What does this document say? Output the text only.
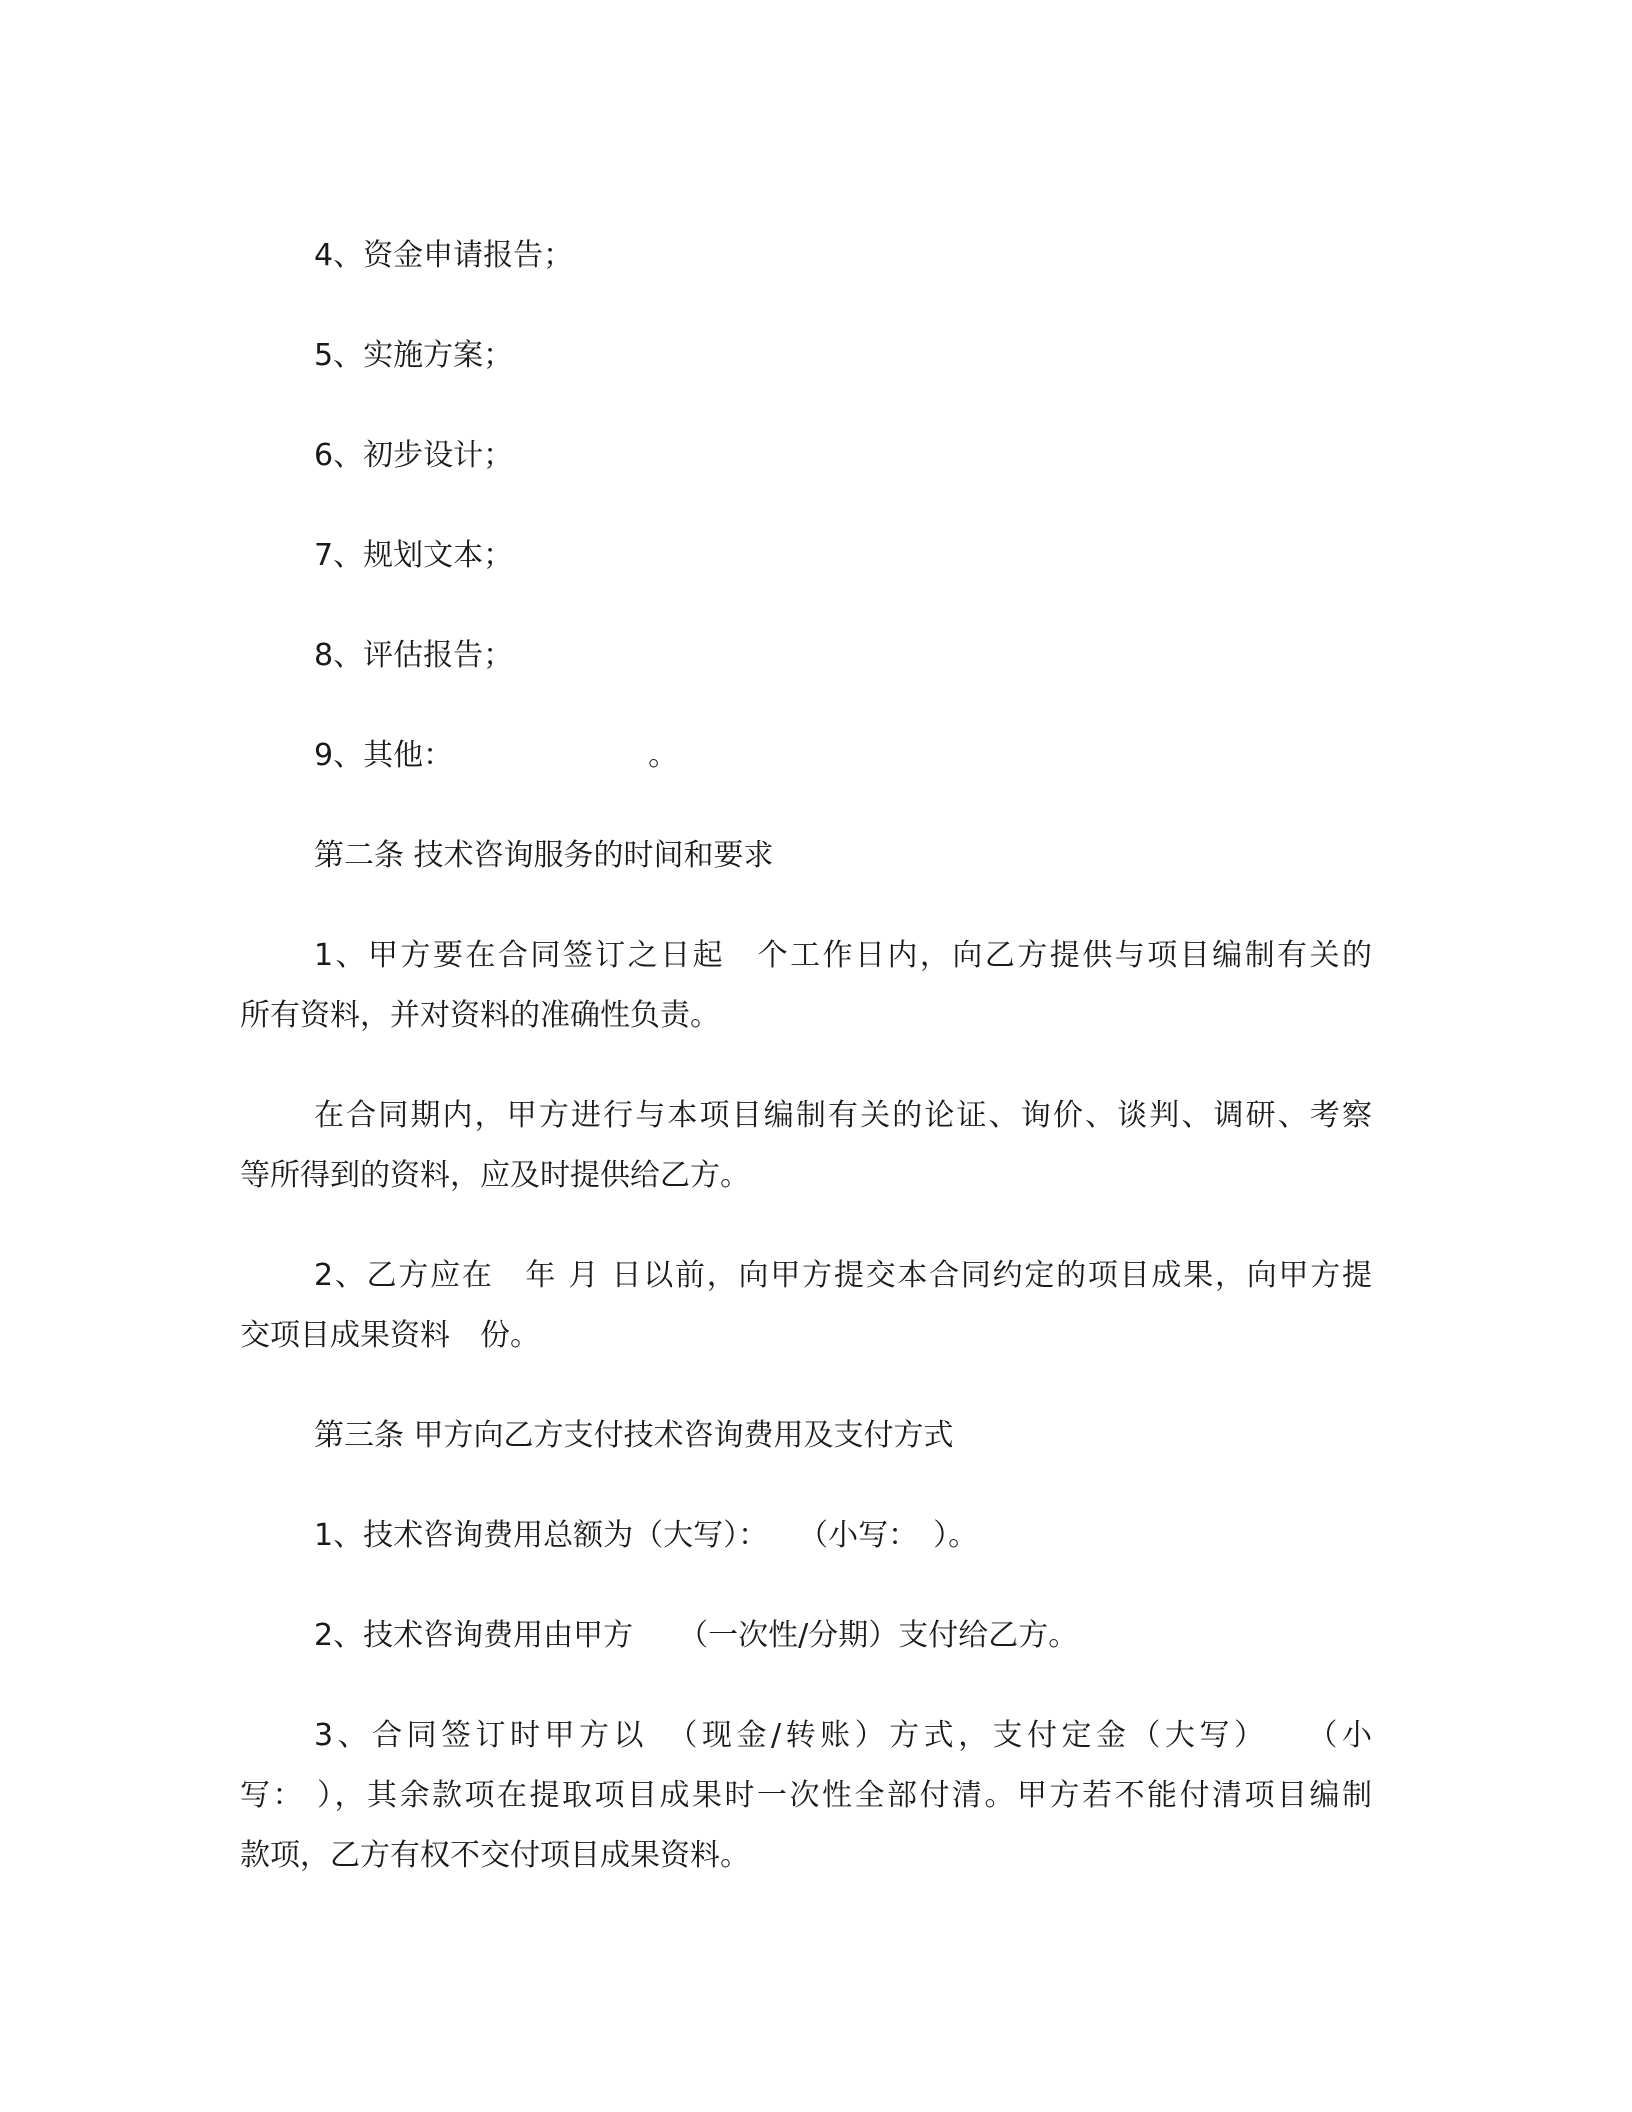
4、资金申请报告；
5、实施方案；
6、初步设计；
7、规划文本；
8、评估报告；
9、其他：　　　　　　　。
第二条 技术咨询服务的时间和要求
1、甲方要在合同签订之日起　个工作日内，向乙方提供与项目编制有关的
所有资料，并对资料的准确性负责。
在合同期内，甲方进行与本项目编制有关的论证、询价、谈判、调研、考察
等所得到的资料，应及时提供给乙方。
2、乙方应在　年 月 日以前，向甲方提交本合同约定的项目成果，向甲方提
交项目成果资料　份。
第三条 甲方向乙方支付技术咨询费用及支付方式
1、技术咨询费用总额为（大写）：　　（小写：　）。
2、技术咨询费用由甲方　　（一次性/分期）支付给乙方。
3、合同签订时甲方以　（现金/转账）方式，支付定金（大写）　　（小
写： ），其余款项在提取项目成果时一次性全部付清。甲方若不能付清项目编制
款项，乙方有权不交付项目成果资料。
